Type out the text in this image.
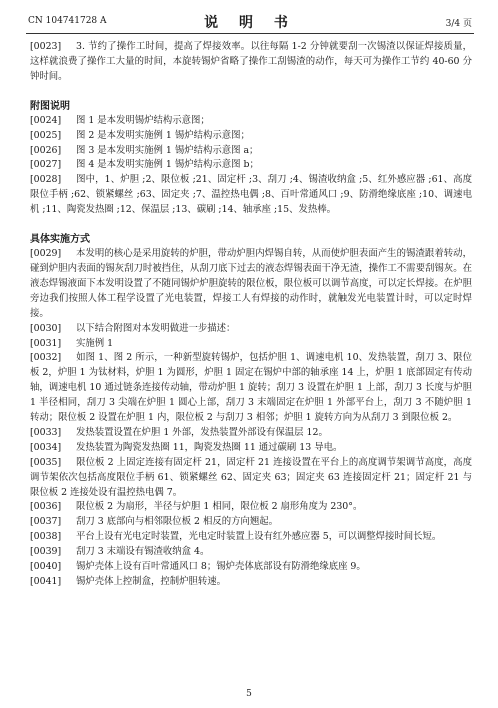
CN 104741728 A	说 明 书	3/4 页
[0023] 3. 节约了操作工时间，提高了焊接效率。以往每隔 1-2 分钟就要刮一次锡渣以保证焊接质量，这样就浪费了操作工大量的时间，本旋转锡炉省略了操作工刮锡渣的动作，每天可为操作工节约 40-60 分钟时间。
附图说明
[0024] 图 1 是本发明锡炉结构示意图；
[0025] 图 2 是本发明实施例 1 锡炉结构示意图；
[0026] 图 3 是本发明实施例 1 锡炉结构示意图 a；
[0027] 图 4 是本发明实施例 1 锡炉结构示意图 b；
[0028] 图中，1、炉胆 ;2、限位板 ;21、固定杆 ;3、刮刀 ;4、锡渣收纳盒 ;5、红外感应器 ;61、高度限位手柄 ;62、锁紧螺丝 ;63、固定夹 ;7、温控热电偶 ;8、百叶常通风口 ;9、防滑绝缘底座 ;10、调速电机 ;11、陶瓷发热圈 ;12、保温层 ;13、碳刷 ;14、轴承座 ;15、发热棒。
具体实施方式
[0029] 本发明的核心是采用旋转的炉胆，带动炉胆内焊锡自转，从而使炉胆表面产生的锡渣跟着转动，碰到炉胆内表面的锡灰刮刀时被挡住，从刮刀底下过去的液态焊锡表面干净无渣，操作工不需要刮锡灰。在液态焊锡液面下本发明设置了不随同锡炉炉胆旋转的限位板，限位板可以调节高度，可以定长焊接。在炉胆旁边我们按照人体工程学设置了光电装置，焊接工人有焊接的动作时，就触发光电装置计时，可以定时焊接。
[0030] 以下结合附图对本发明做进一步描述：
[0031] 实施例 1
[0032] 如图 1、图 2 所示，一种新型旋转锡炉，包括炉胆 1、调速电机 10、发热装置，刮刀 3、限位板 2，炉胆 1 为钛材料，炉胆 1 为圆形，炉胆 1 固定在锡炉中部的轴承座 14 上，炉胆 1 底部固定有传动轴，调速电机 10 通过链条连接传动轴，带动炉胆 1 旋转；刮刀 3 设置在炉胆 1 上部，刮刀 3 长度与炉胆 1 半径相同，刮刀 3 尖端在炉胆 1 圆心上部，刮刀 3 末端固定在炉胆 1 外部平台上，刮刀 3 不随炉胆 1 转动；限位板 2 设置在炉胆 1 内，限位板 2 与刮刀 3 相邻；炉胆 1 旋转方向为从刮刀 3 到限位板 2。
[0033] 发热装置设置在炉胆 1 外部，发热装置外部设有保温层 12。
[0034] 发热装置为陶瓷发热圈 11，陶瓷发热圈 11 通过碳刷 13 导电。
[0035] 限位板 2 上固定连接有固定杆 21，固定杆 21 连接设置在平台上的高度调节架调节高度，高度调节架依次包括高度限位手柄 61、锁紧螺丝 62、固定夹 63；固定夹 63 连接固定杆 21；固定杆 21 与限位板 2 连接处设有温控热电偶 7。
[0036] 限位板 2 为扇形，半径与炉胆 1 相同，限位板 2 扇形角度为 230°。
[0037] 刮刀 3 底部向与相邻限位板 2 相反的方向翘起。
[0038] 平台上设有光电定时装置，光电定时装置上设有红外感应器 5，可以调整焊接时间长短。
[0039] 刮刀 3 末端设有锡渣收纳盒 4。
[0040] 锡炉壳体上设有百叶常通风口 8；锡炉壳体底部设有防滑绝缘底座 9。
[0041] 锡炉壳体上控制盒，控制炉胆转速。
5
